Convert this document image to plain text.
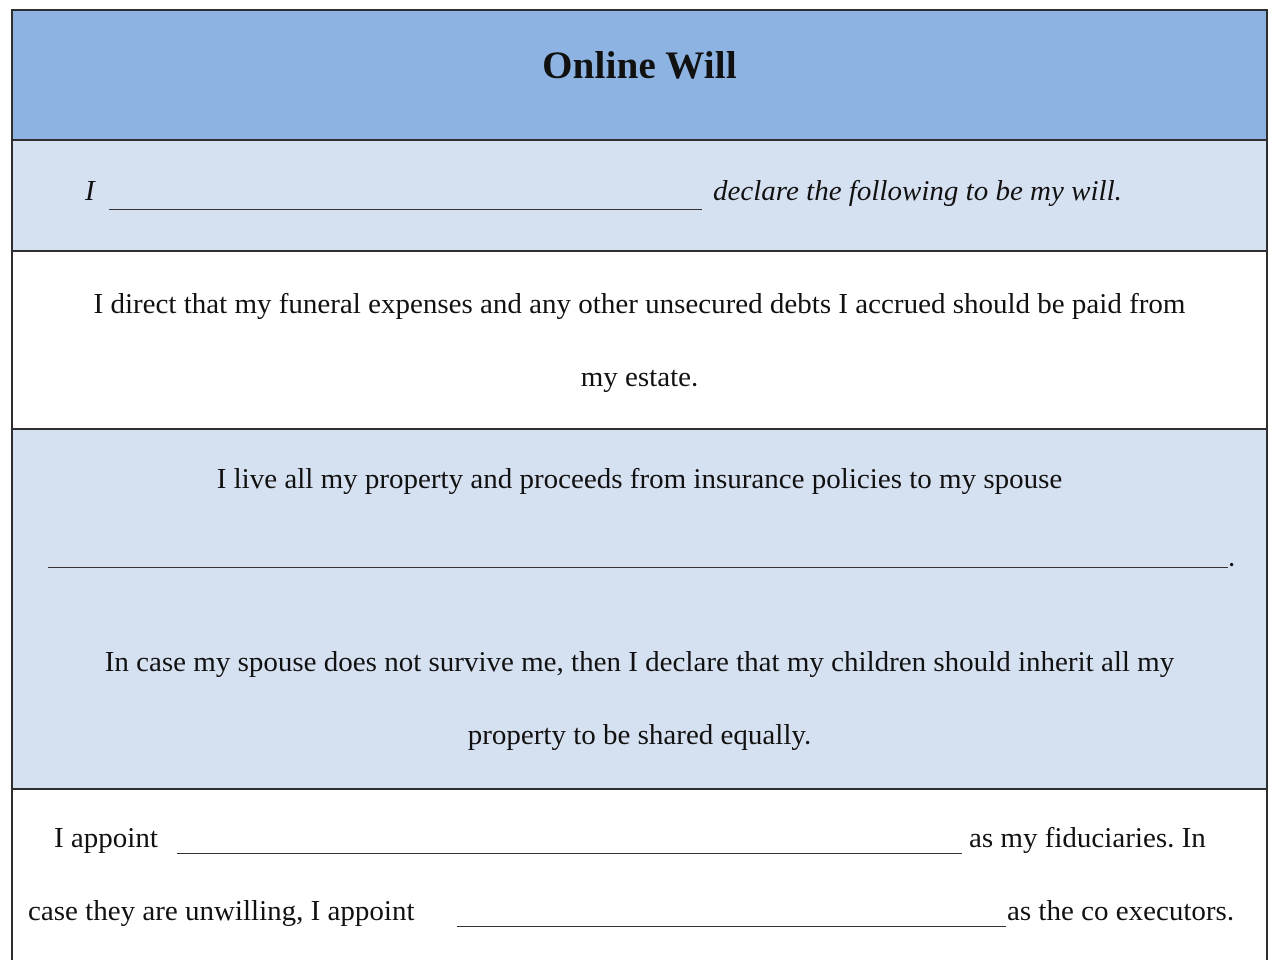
Online Will
I	declare the following to be my will.
I direct that my funeral expenses and any other unsecured debts I accrued should be paid from
my estate.
I live all my property and proceeds from insurance policies to my spouse
.
In case my spouse does not survive me, then I declare that my children should inherit all my
property to be shared equally.
I appoint	as my fiduciaries. In
case they are unwilling, I appoint	as the co executors.
